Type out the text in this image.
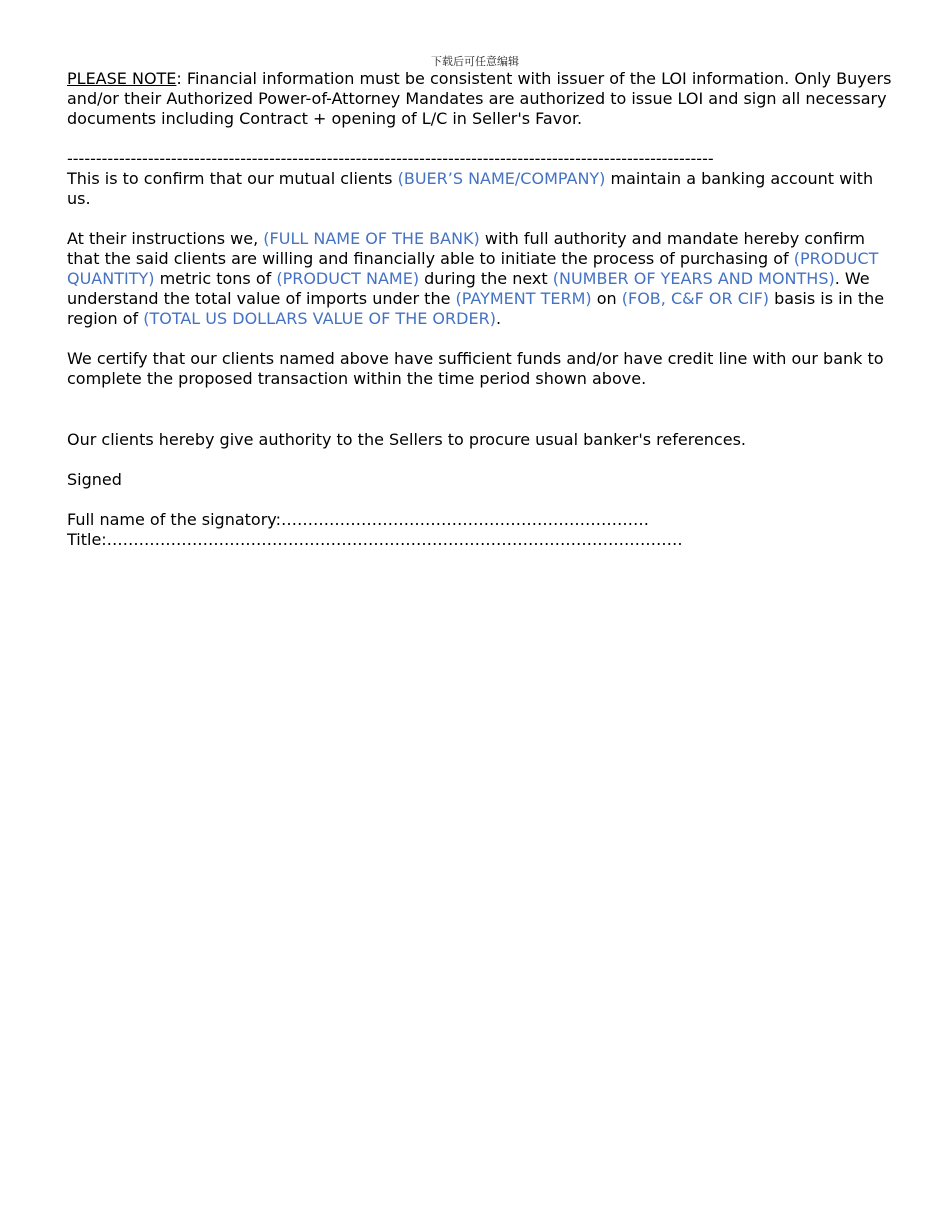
下载后可任意编辑

PLEASE NOTE: Financial information must be consistent with issuer of the LOI information. Only Buyers and/or their Authorized Power-of-Attorney Mandates are authorized to issue LOI and sign all necessary documents including Contract + opening of L/C in Seller's Favor.

----------------------------------------------------------------------------------------------------------------

This is to confirm that our mutual clients (BUER’S NAME/COMPANY) maintain a banking account with us.

At their instructions we, (FULL NAME OF THE BANK) with full authority and mandate hereby confirm that the said clients are willing and financially able to initiate the process of purchasing of (PRODUCT QUANTITY) metric tons of (PRODUCT NAME) during the next (NUMBER OF YEARS AND MONTHS). We understand the total value of imports under the (PAYMENT TERM) on (FOB, C&F OR CIF) basis is in the region of (TOTAL US DOLLARS VALUE OF THE ORDER).

We certify that our clients named above have sufficient funds and/or have credit line with our bank to complete the proposed transaction within the time period shown above.

Our clients hereby give authority to the Sellers to procure usual banker's references.

Signed

Full name of the signatory:……………………………………………………………

Title:………………………………………………………………………………………………
